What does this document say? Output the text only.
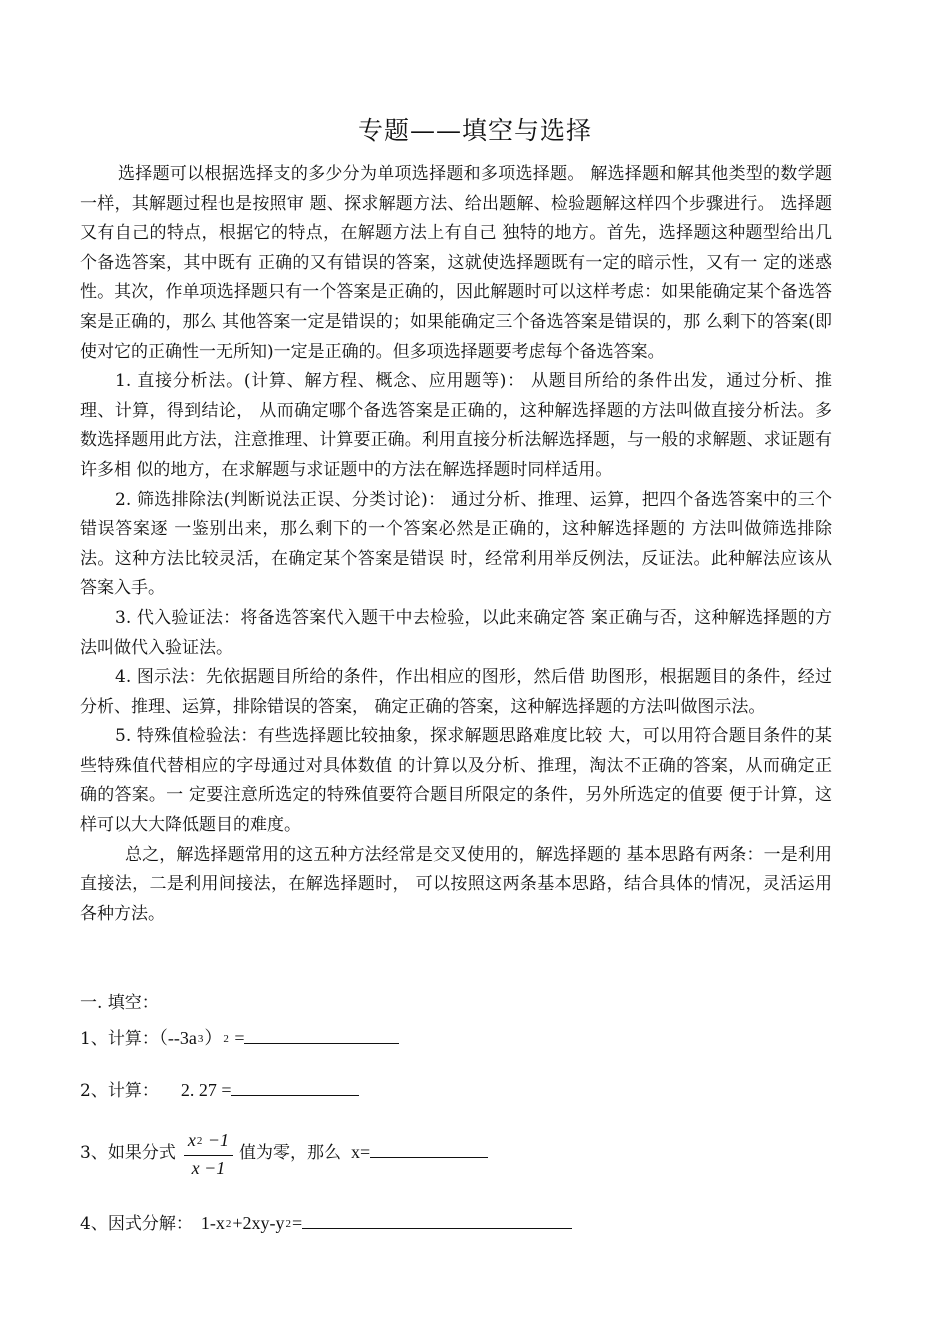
专题——填空与选择

选择题可以根据选择支的多少分为单项选择题和多项选择题。 解选择题和解其他类型的数学题一样，其解题过程也是按照审 题、探求解题方法、给出题解、检验题解这样四个步骤进行。 选择题又有自己的特点，根据它的特点，在解题方法上有自己 独特的地方。首先，选择题这种题型给出几个备选答案，其中既有 正确的又有错误的答案，这就使选择题既有一定的暗示性，又有一 定的迷惑性。其次，作单项选择题只有一个答案是正确的，因此解题时可以这样考虑：如果能确定某个备选答案是正确的，那么 其他答案一定是错误的；如果能确定三个备选答案是错误的，那 么剩下的答案(即使对它的正确性一无所知)一定是正确的。但多项选择题要考虑每个备选答案。

1. 直接分析法。(计算、解方程、概念、应用题等)： 从题目所给的条件出发，通过分析、推理、计算，得到结论， 从而确定哪个备选答案是正确的，这种解选择题的方法叫做直接分析法。多数选择题用此方法，注意推理、计算要正确。利用直接分析法解选择题，与一般的求解题、求证题有许多相 似的地方，在求解题与求证题中的方法在解选择题时同样适用。

2. 筛选排除法(判断说法正误、分类讨论)： 通过分析、推理、运算，把四个备选答案中的三个错误答案逐 一鉴别出来，那么剩下的一个答案必然是正确的，这种解选择题的 方法叫做筛选排除法。这种方法比较灵活，在确定某个答案是错误 时，经常利用举反例法，反证法。此种解法应该从答案入手。

3. 代入验证法：将备选答案代入题干中去检验，以此来确定答 案正确与否，这种解选择题的方法叫做代入验证法。

4. 图示法：先依据题目所给的条件，作出相应的图形，然后借 助图形，根据题目的条件，经过分析、推理、运算，排除错误的答案， 确定正确的答案，这种解选择题的方法叫做图示法。

5. 特殊值检验法：有些选择题比较抽象，探求解题思路难度比较 大，可以用符合题目条件的某些特殊值代替相应的字母通过对具体数值 的计算以及分析、推理，淘汰不正确的答案，从而确定正确的答案。一 定要注意所选定的特殊值要符合题目所限定的条件，另外所选定的值要 便于计算，这样可以大大降低题目的难度。

总之，解选择题常用的这五种方法经常是交叉使用的，解选择题的 基本思路有两条：一是利用直接法，二是利用间接法，在解选择题时， 可以按照这两条基本思路，结合具体的情况，灵活运用各种方法。

一. 填空：
1、计算：（--3a3）2 =
2、计算： 2. 27 =
3、如果分式 $\frac{x2 -1}{x -1}$ 值为零，那么 x=
4、因式分解： 1-x2+2xy-y2=
